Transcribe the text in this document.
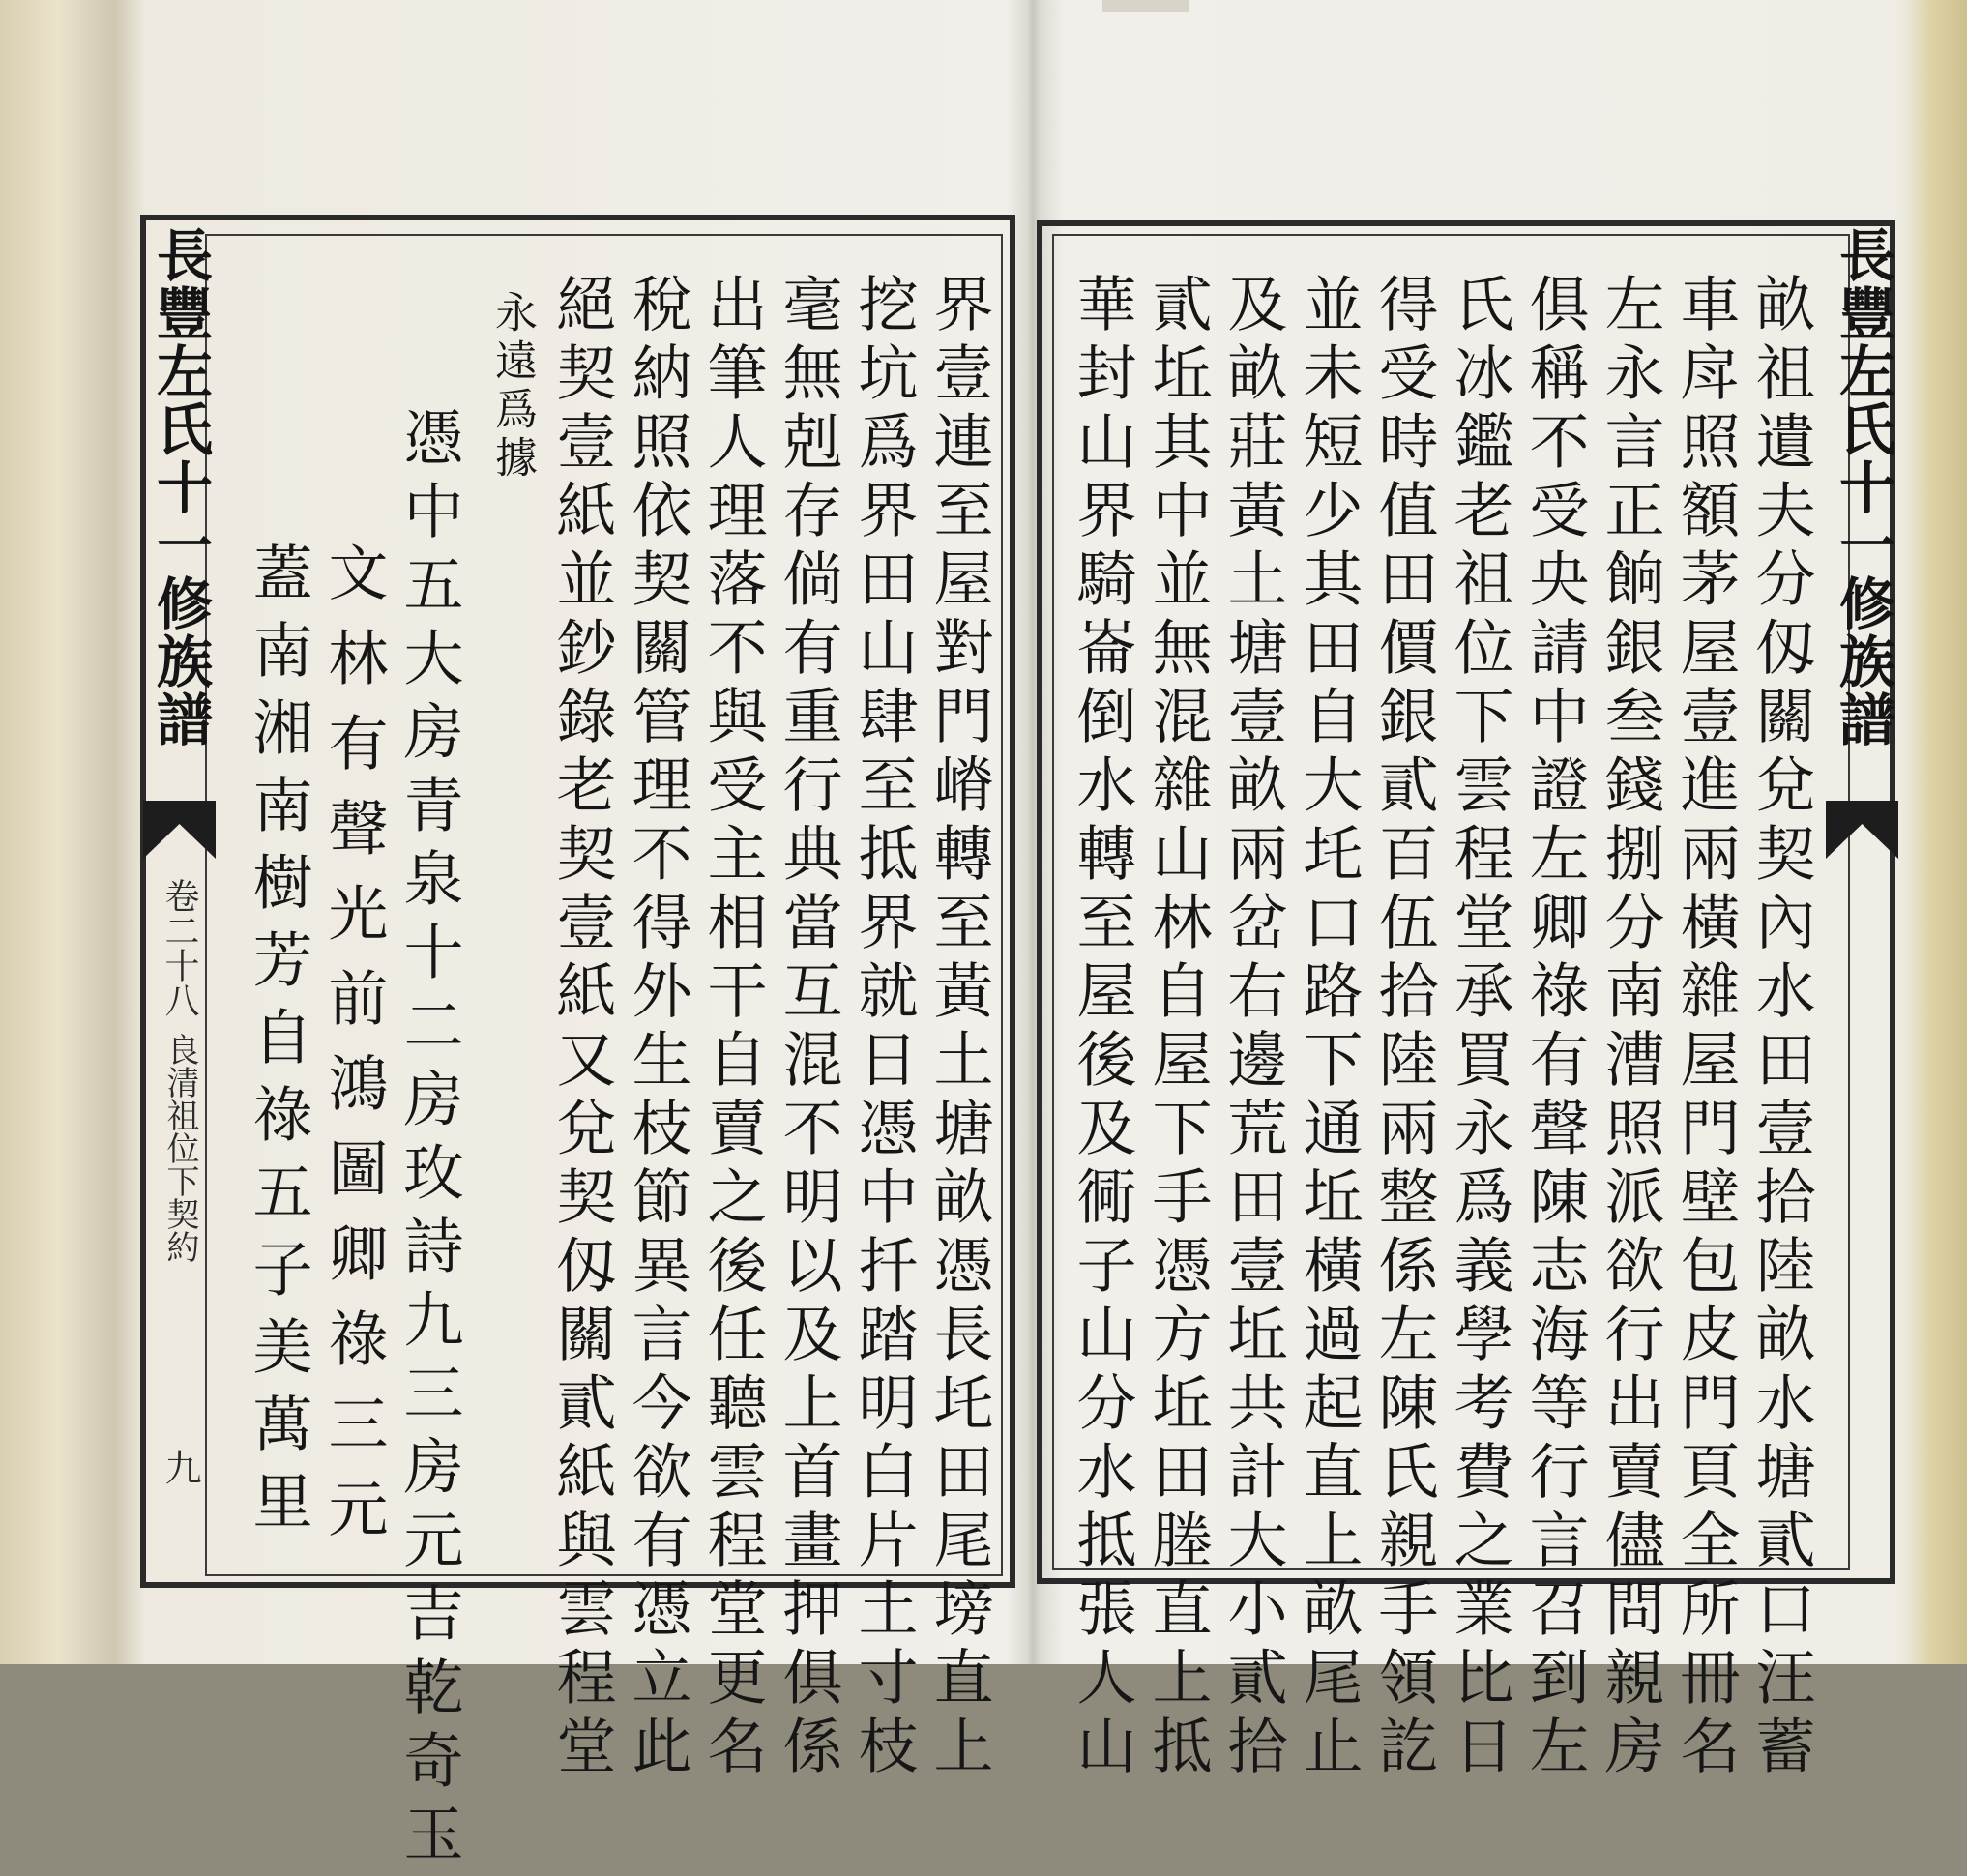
長豐左氏十一修族譜
卷二十八
良清祖位下契約
九
長豐左氏十一修族譜
畝祖遺夫分仭關兌契內水田壹拾陸畝水塘貳口汪蓄
車戽照額茅屋壹進兩橫雜屋門壁包皮門頁全所冊名
左永言正餉銀叁錢捌分南漕照派欲行出賣儘問親房
俱稱不受央請中證左卿祿有聲陳志海等行言召到左
氏冰鑑老祖位下雲程堂承買永爲義學考費之業比日
得受時值田價銀貳百伍拾陸兩整係左陳氏親手領訖
並未短少其田自大圫口路下通坵橫過起直上畝尾止
及畝莊黃土塘壹畝兩岔右邊荒田壹坵共計大小貳拾
貳坵其中並無混雜山林自屋下手憑方坵田塍直上抵
華封山界騎崙倒水轉至屋後及衕子山分水抵張人山
界壹連至屋對門嵴轉至黃土塘畝憑長圫田尾塝直上
挖坑爲界田山肆至抵界就日憑中扦踏明白片土寸枝
毫無剋存倘有重行典當互混不明以及上首畫押俱係
出筆人理落不與受主相干自賣之後任聽雲程堂更名
稅納照依契關管理不得外生枝節異言今欲有憑立此
絕契壹紙並鈔錄老契壹紙又兌契仭關貳紙與雲程堂
永遠爲據
憑中五大房青泉十二房玫詩九三房元吉乾奇玉
文林有聲光前鴻圖卿祿三元
蓋南湘南樹芳自祿五子美萬里
